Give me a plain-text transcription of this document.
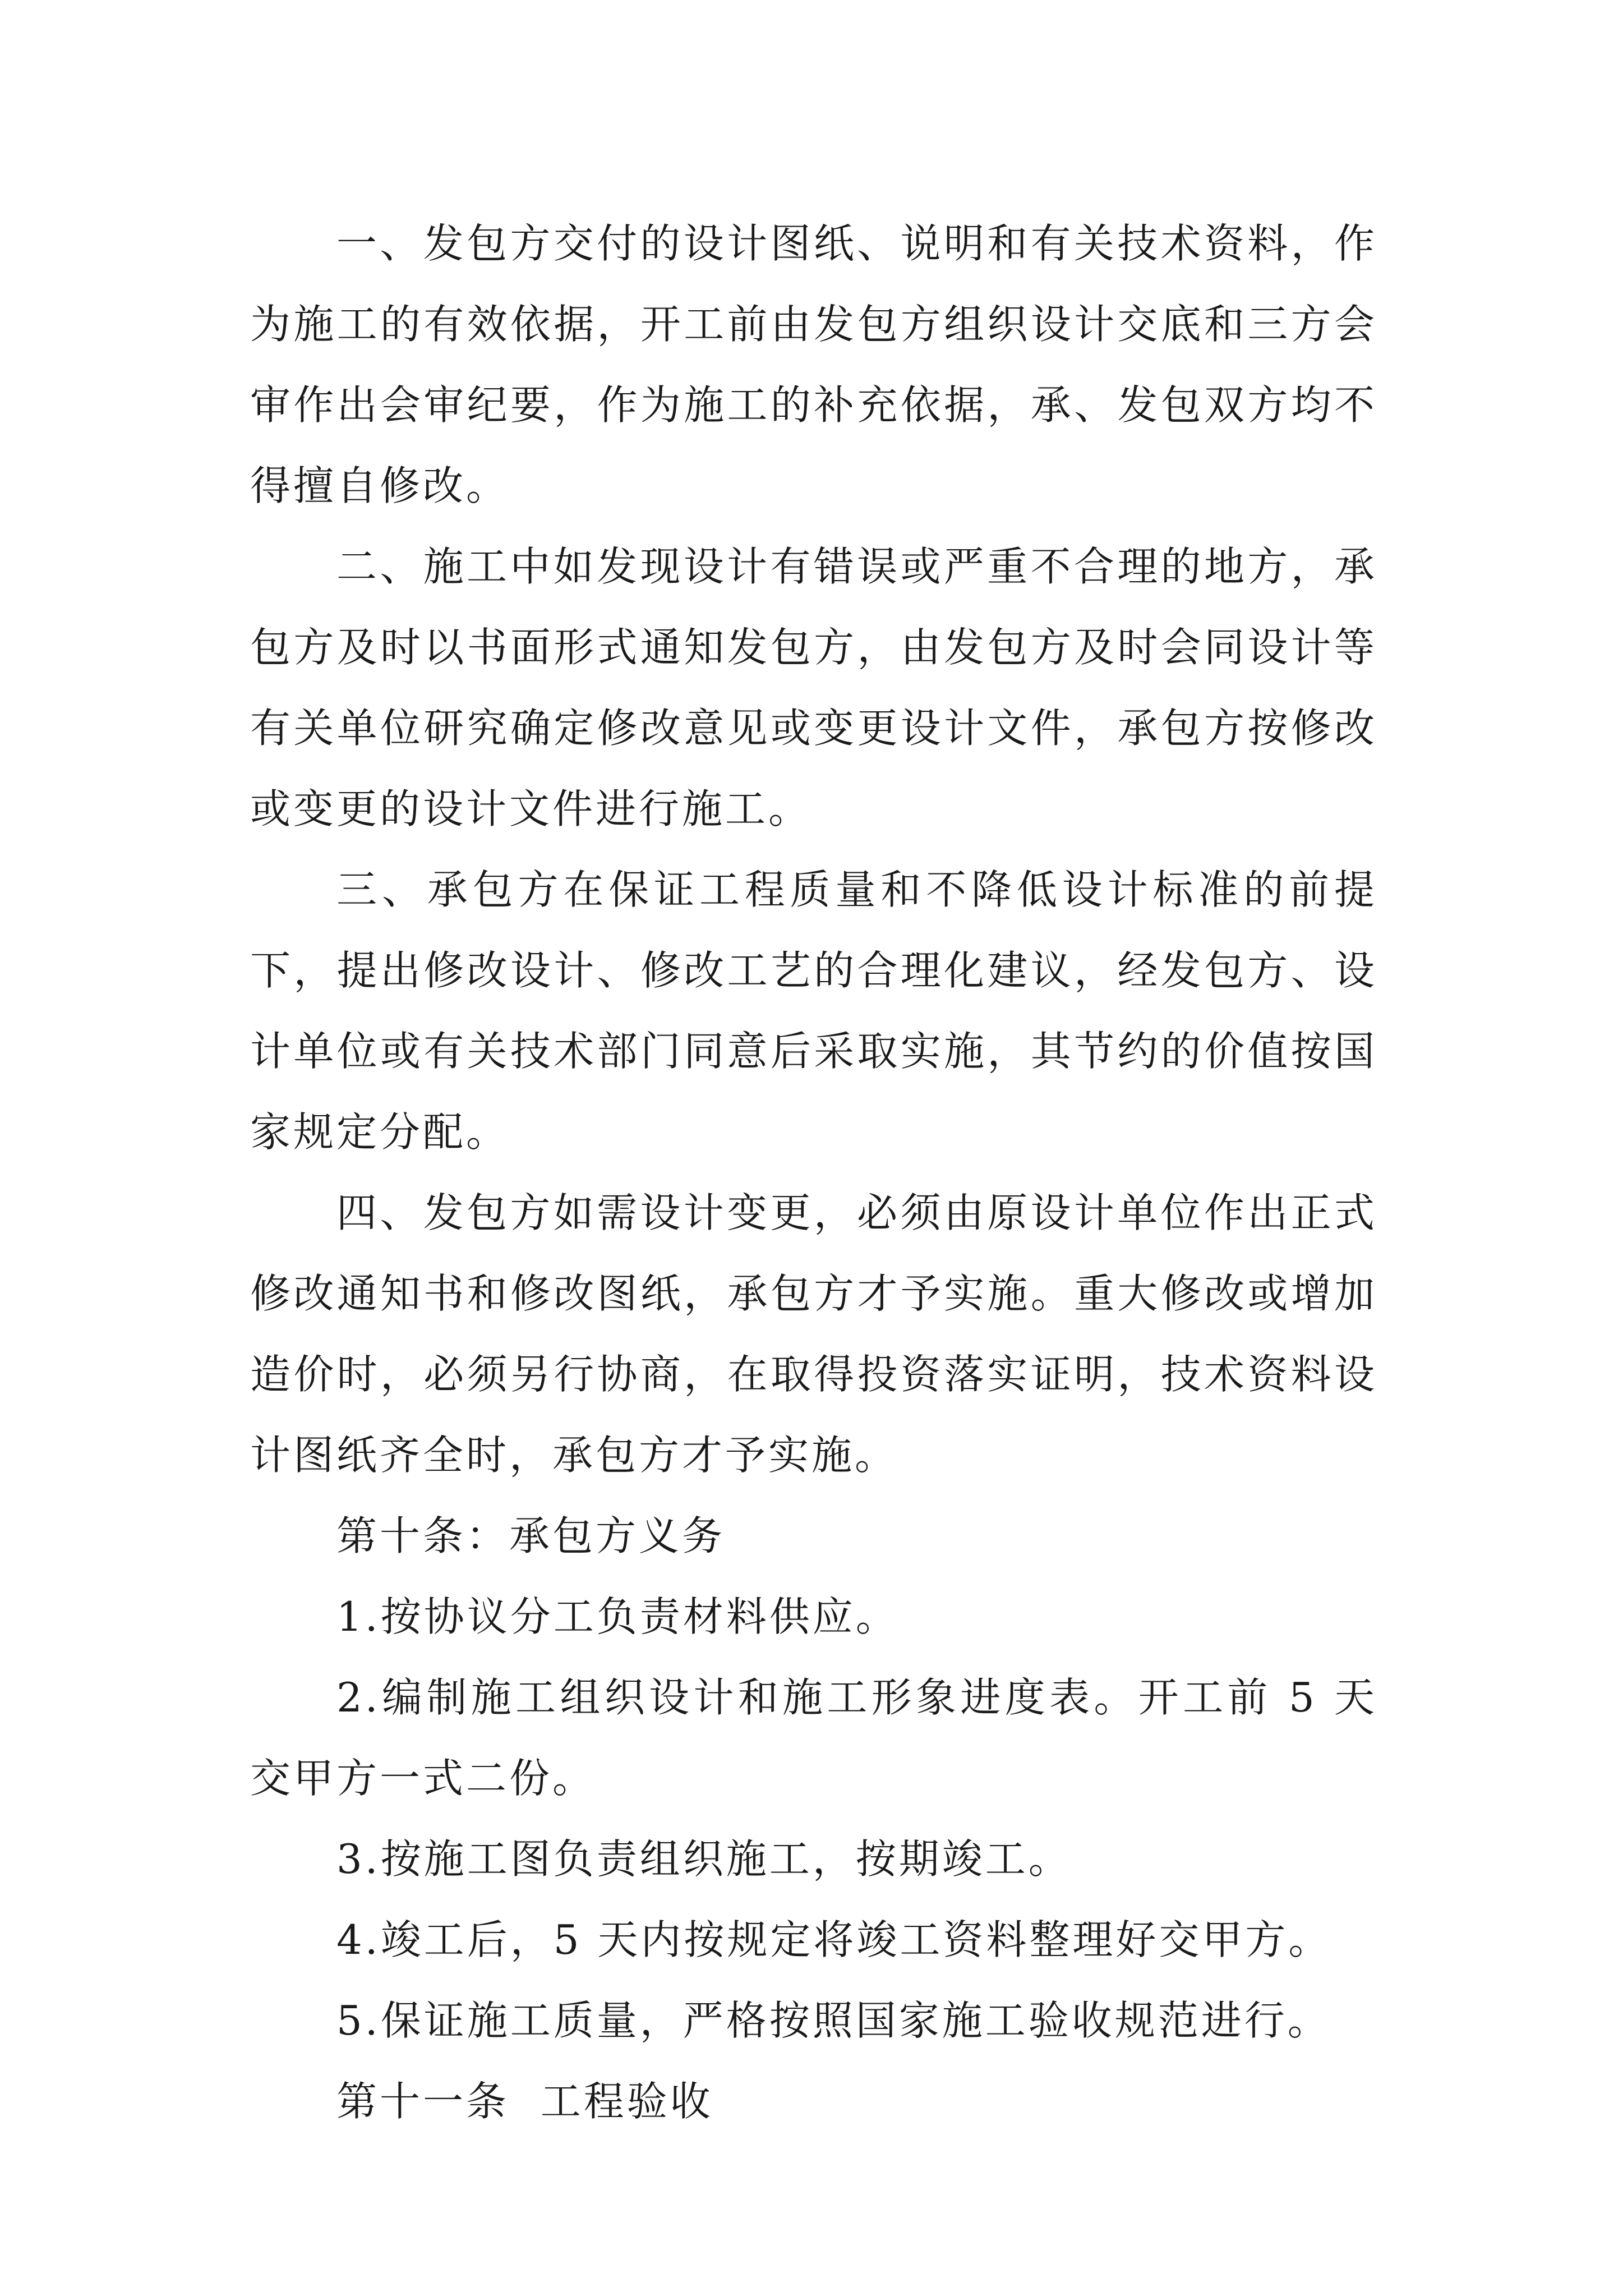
一、发包方交付的设计图纸、说明和有关技术资料，作为施工的有效依据，开工前由发包方组织设计交底和三方会审作出会审纪要，作为施工的补充依据，承、发包双方均不得擅自修改。

二、施工中如发现设计有错误或严重不合理的地方，承包方及时以书面形式通知发包方，由发包方及时会同设计等有关单位研究确定修改意见或变更设计文件，承包方按修改或变更的设计文件进行施工。

三、承包方在保证工程质量和不降低设计标准的前提下，提出修改设计、修改工艺的合理化建议，经发包方、设计单位或有关技术部门同意后采取实施，其节约的价值按国家规定分配。

四、发包方如需设计变更，必须由原设计单位作出正式修改通知书和修改图纸，承包方才予实施。重大修改或增加造价时，必须另行协商，在取得投资落实证明，技术资料设计图纸齐全时，承包方才予实施。

第十条：承包方义务

1.按协议分工负责材料供应。

2.编制施工组织设计和施工形象进度表。开工前 5 天交甲方一式二份。

3.按施工图负责组织施工，按期竣工。

4.竣工后，5 天内按规定将竣工资料整理好交甲方。

5.保证施工质量，严格按照国家施工验收规范进行。

第十一条  工程验收
